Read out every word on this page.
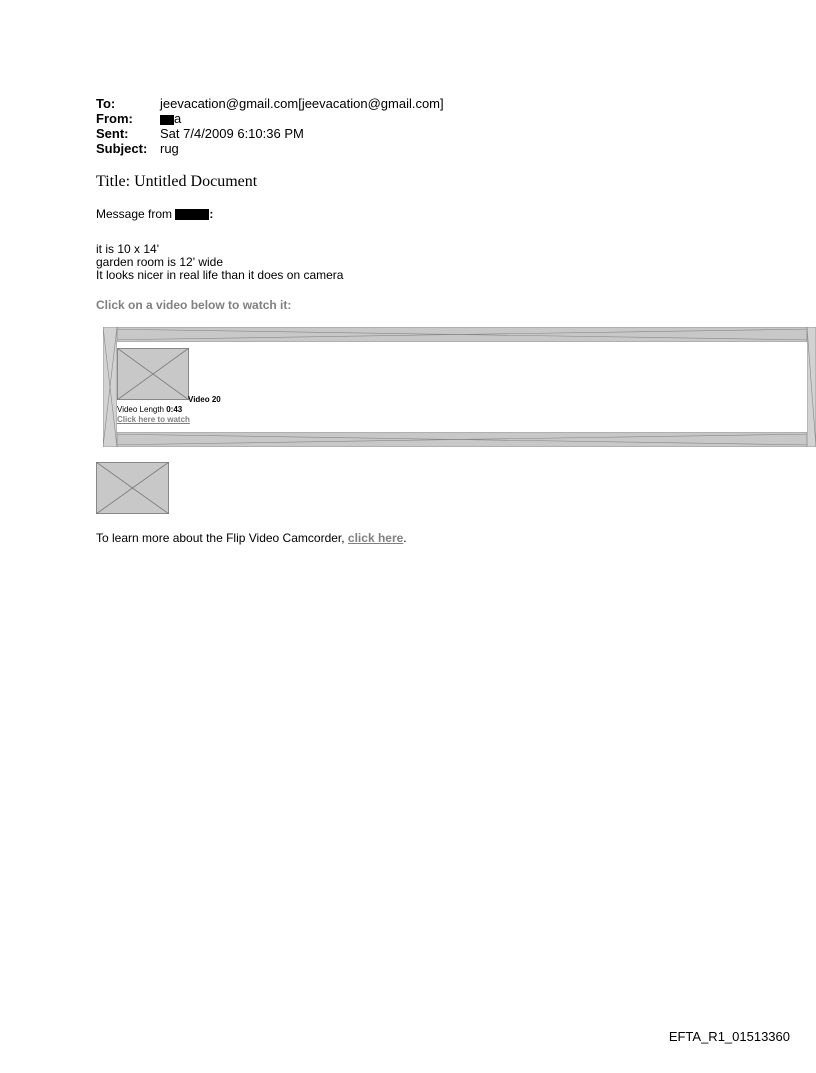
To:	jeevacation@gmail.com[jeevacation@gmail.com]
From:	a
Sent:	Sat 7/4/2009 6:10:36 PM
Subject: rug
Title: Untitled Document
Message from	:
it is 10 x 14'
garden room is 12' wide
It looks nicer in real life than it does on camera
Click on a video below to watch it:
Video 20
Video Length 0:43
Click here to watch
To learn more about the Flip Video Camcorder, click here.
EFTA_R1_01513360
